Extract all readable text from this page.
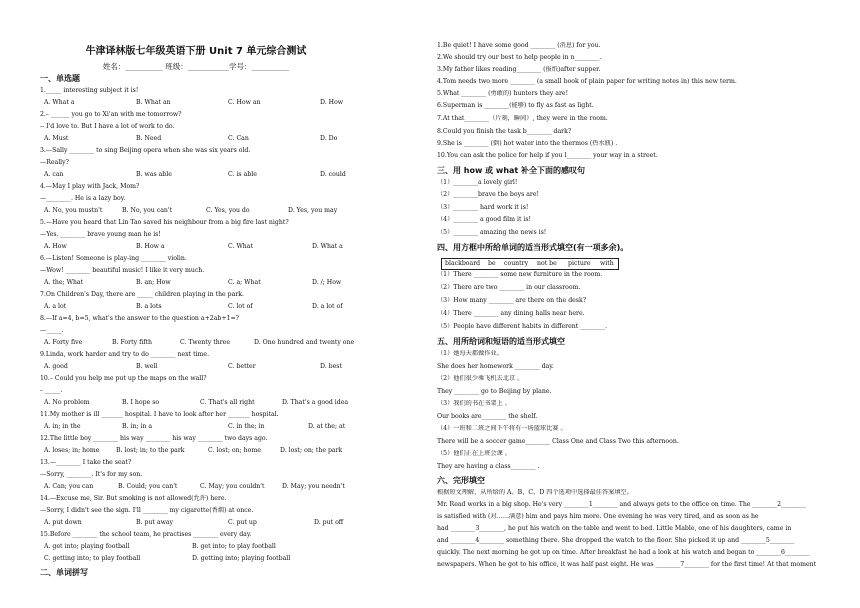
牛津译林版七年级英语下册 Unit 7 单元综合测试
姓名：__________ 班级：___________学号：__________
一、单选题
1._____ interesting subject it is!
A. What a	B. What an	C. How an	D. How
2.– ______ you go to Xi'an with me tomorrow?
-- I'd love to. But I have a lot of work to do.
A. Must	B. Need	C. Can	D. Do
3.—Sally ________ to sing Beijing opera when she was six years old.
—Really?
A. can	B. was able	C. is able	D. could
4.—May I play with Jack, Mom?
—________. He is a lazy boy.
A. No, you mustn't	B. No, you can't	C. Yes, you do	D. Yes, you may
5.—Have you heard that Lin Tao saved his neighbour from a big fire last night?
—Yes. ________ brave young man he is!
A. How	B. How a	C. What	D. What a
6.—Listen! Someone is play-ing ________ violin.
—Wow! ________ beautiful music! I like it very much.
A. the; What	B. an; How	C. a; What	D. /; How
7.On Children's Day, there are _____ children playing in the park.
A. a lot	B. a lots	C. lot of	D. a lot of
8.—If a=4, b=5, what's the answer to the question a+2ab+1=?
—_____.
A. Forty five	B. Forty fifth	C. Twenty three	D. One hundred and twenty one
9.Linda, work harder and try to do ________ next time.
A. good	B. well	C. better	D. best
10.– Could you help me put up the maps on the wall?
– _____.
A. No problem	B. I hope so	C. That's all right	D. That's a good idea
11.My mother is ill _______ hospital. I have to look after her _______ hospital.
A. in; in the	B. in; in a	C. in the; in	D. at the; at
12.The little boy ________ his way ________ his way ________ two days ago.
A. loses; in; home	B. lost; in; to the park	C. lost; on; home	D. lost; on; the park
13.—________ I take the seat?
—Sorry, ________. It's for my son.
A. Can; you can	B. Could; you can't	C. May; you couldn't	D. May; you needn't
14.—Excuse me, Sir. But smoking is not allowed(允许) here.
—Sorry, I didn't see the sign. I'll ________ my cigarette(香烟) at once.
A. put down	B. put away	C. put up	D. put off
15.Before ________ the school team, he practises ________ every day.
A. get into; playing football	B. get into; to play football
C. getting into; to play football	D. getting into; playing football
二、单词拼写
1.Be quiet! I have some good ________ (消息) for you.
2.We should try our best to help people in n________.
3.My father likes reading________ (报纸)after supper.
4.Tom needs two more ________ (a small book of plain paper for writing notes in) this new term.
5.What ________ (勇敢的) hunters they are!
6.Superman is ________(能够) to fly as fast as light.
7.At that________（片刻，瞬间）, they were in the room.
8.Could you finish the task b________ dark?
9.She is ________ (倒) hot water into the thermos (热水瓶) .
10.You can ask the police for help if you l________ your way in a street.
三、用 how 或 what 补全下面的感叹句
（1）________a lovely girl!
（2）________brave the boys are!
（3）________ hard work it is!
（4）________ a good film it is!
（5）________ amazing the news is!
四、用方框中所给单词的适当形式填空(有一项多余)。
blackboard be country not be picture with
（1）There ________ some new furniture in the room.
（2）There are two ________ in our classroom.
（3）How many ________ are there on the desk?
（4）There ________ any dining halls near here.
（5）People have different habits in different ________.
五、用所给词和短语的适当形式填空
（1）她每天都做作业。
She does her homework ________ day.
（2）他们很少乘飞机去北京 。
They ________ go to Beijing by plane.
（3）我们的书在书架上 。
Our books are________ the shelf.
（4）一班和二班之间下午将有一场篮球比赛 。
There will be a soccer game________ Class One and Class Two this afternoon.
（5）他们正在上班会课 。
They are having a class________ .
六、完形填空
根据短文理解，从所给的 A、B、C、D 四个选项中选择最佳答案填空。
Mr. Read works in a big shop. He's very ________1________ and always gets to the office on time. The ________2________
is satisfied with (对……满意) him and pays him more. One evening he was very tired, and as soon as he
had ________3________, he put his watch on the table and went to bed. Little Mable, one of his daughters, came in
and ________4________ something there. She dropped the watch to the floor. She picked it up and ________5________
quickly. The next morning he got up on time. After breakfast he had a look at his watch and began to ________6________
newspapers. When he got to his office, it was half past eight. He was ________7________ for the first time! At that moment
